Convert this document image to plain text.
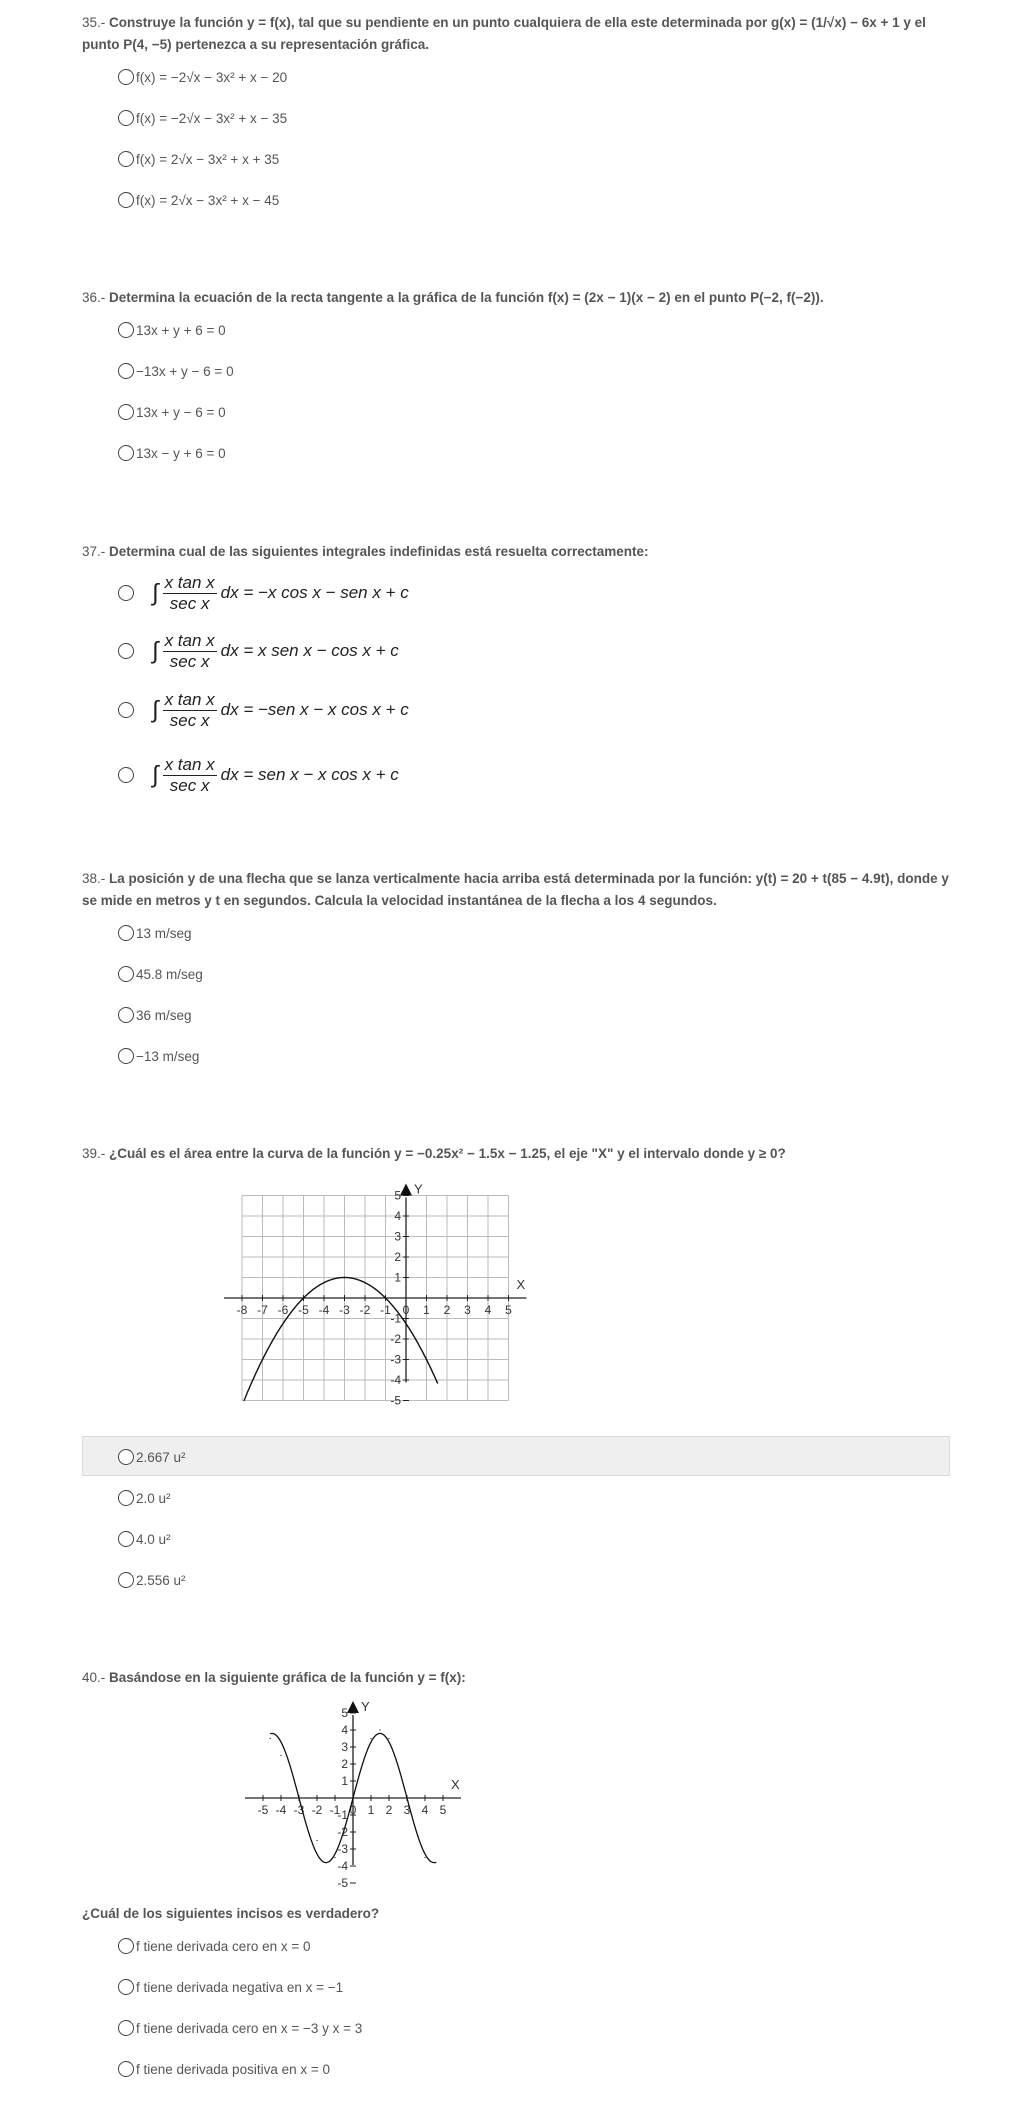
35.- Construye la función y = f(x), tal que su pendiente en un punto cualquiera de ella este determinada por g(x) = (1/√x) − 6x + 1 y el punto P(4, −5) pertenezca a su representación gráfica.

f(x) = −2√x − 3x² + x − 20
f(x) = −2√x − 3x² + x − 35
f(x) = 2√x − 3x² + x + 35
f(x) = 2√x − 3x² + x − 45

36.- Determina la ecuación de la recta tangente a la gráfica de la función f(x) = (2x − 1)(x − 2) en el punto P(−2, f(−2)).

13x + y + 6 = 0
−13x + y − 6 = 0
13x + y − 6 = 0
13x − y + 6 = 0

37.- Determina cual de las siguientes integrales indefinidas está resuelta correctamente:

∫ $\frac{\text{x tan x}}{\text{sec x}}$ dx = −x cos x − sen x + c
∫ $\frac{\text{x tan x}}{\text{sec x}}$ dx = x sen x − cos x + c
∫ $\frac{\text{x tan x}}{\text{sec x}}$ dx = −sen x − x cos x + c
∫ $\frac{\text{x tan x}}{\text{sec x}}$ dx = sen x − x cos x + c

38.- La posición y de una flecha que se lanza verticalmente hacia arriba está determinada por la función: y(t) = 20 + t(85 − 4.9t), donde y se mide en metros y t en segundos. Calcula la velocidad instantánea de la flecha a los 4 segundos.

13 m/seg
45.8 m/seg
36 m/seg
−13 m/seg

39.- ¿Cuál es el área entre la curva de la función y = −0.25x² − 1.5x − 1.25, el eje "X" y el intervalo donde y ≥ 0?

Y
X
-8 -7 -6 -5 -4 -3 -2 -1 0 1 2 3 4 5
-5
-4
-3
-2
-1
1
2
3
4
5
2.667 u²
2.0 u²
4.0 u²
2.556 u²

40.- Basándose en la siguiente gráfica de la función y = f(x):

Y
X
-5 -4 -3 -2 -1 0 1 2 3 4 5
-5
-4
-3
-2
-1
1
2
3
4
5

¿Cuál de los siguientes incisos es verdadero?

f tiene derivada cero en x = 0
f tiene derivada negativa en x = −1
f tiene derivada cero en x = −3 y x = 3
f tiene derivada positiva en x = 0
